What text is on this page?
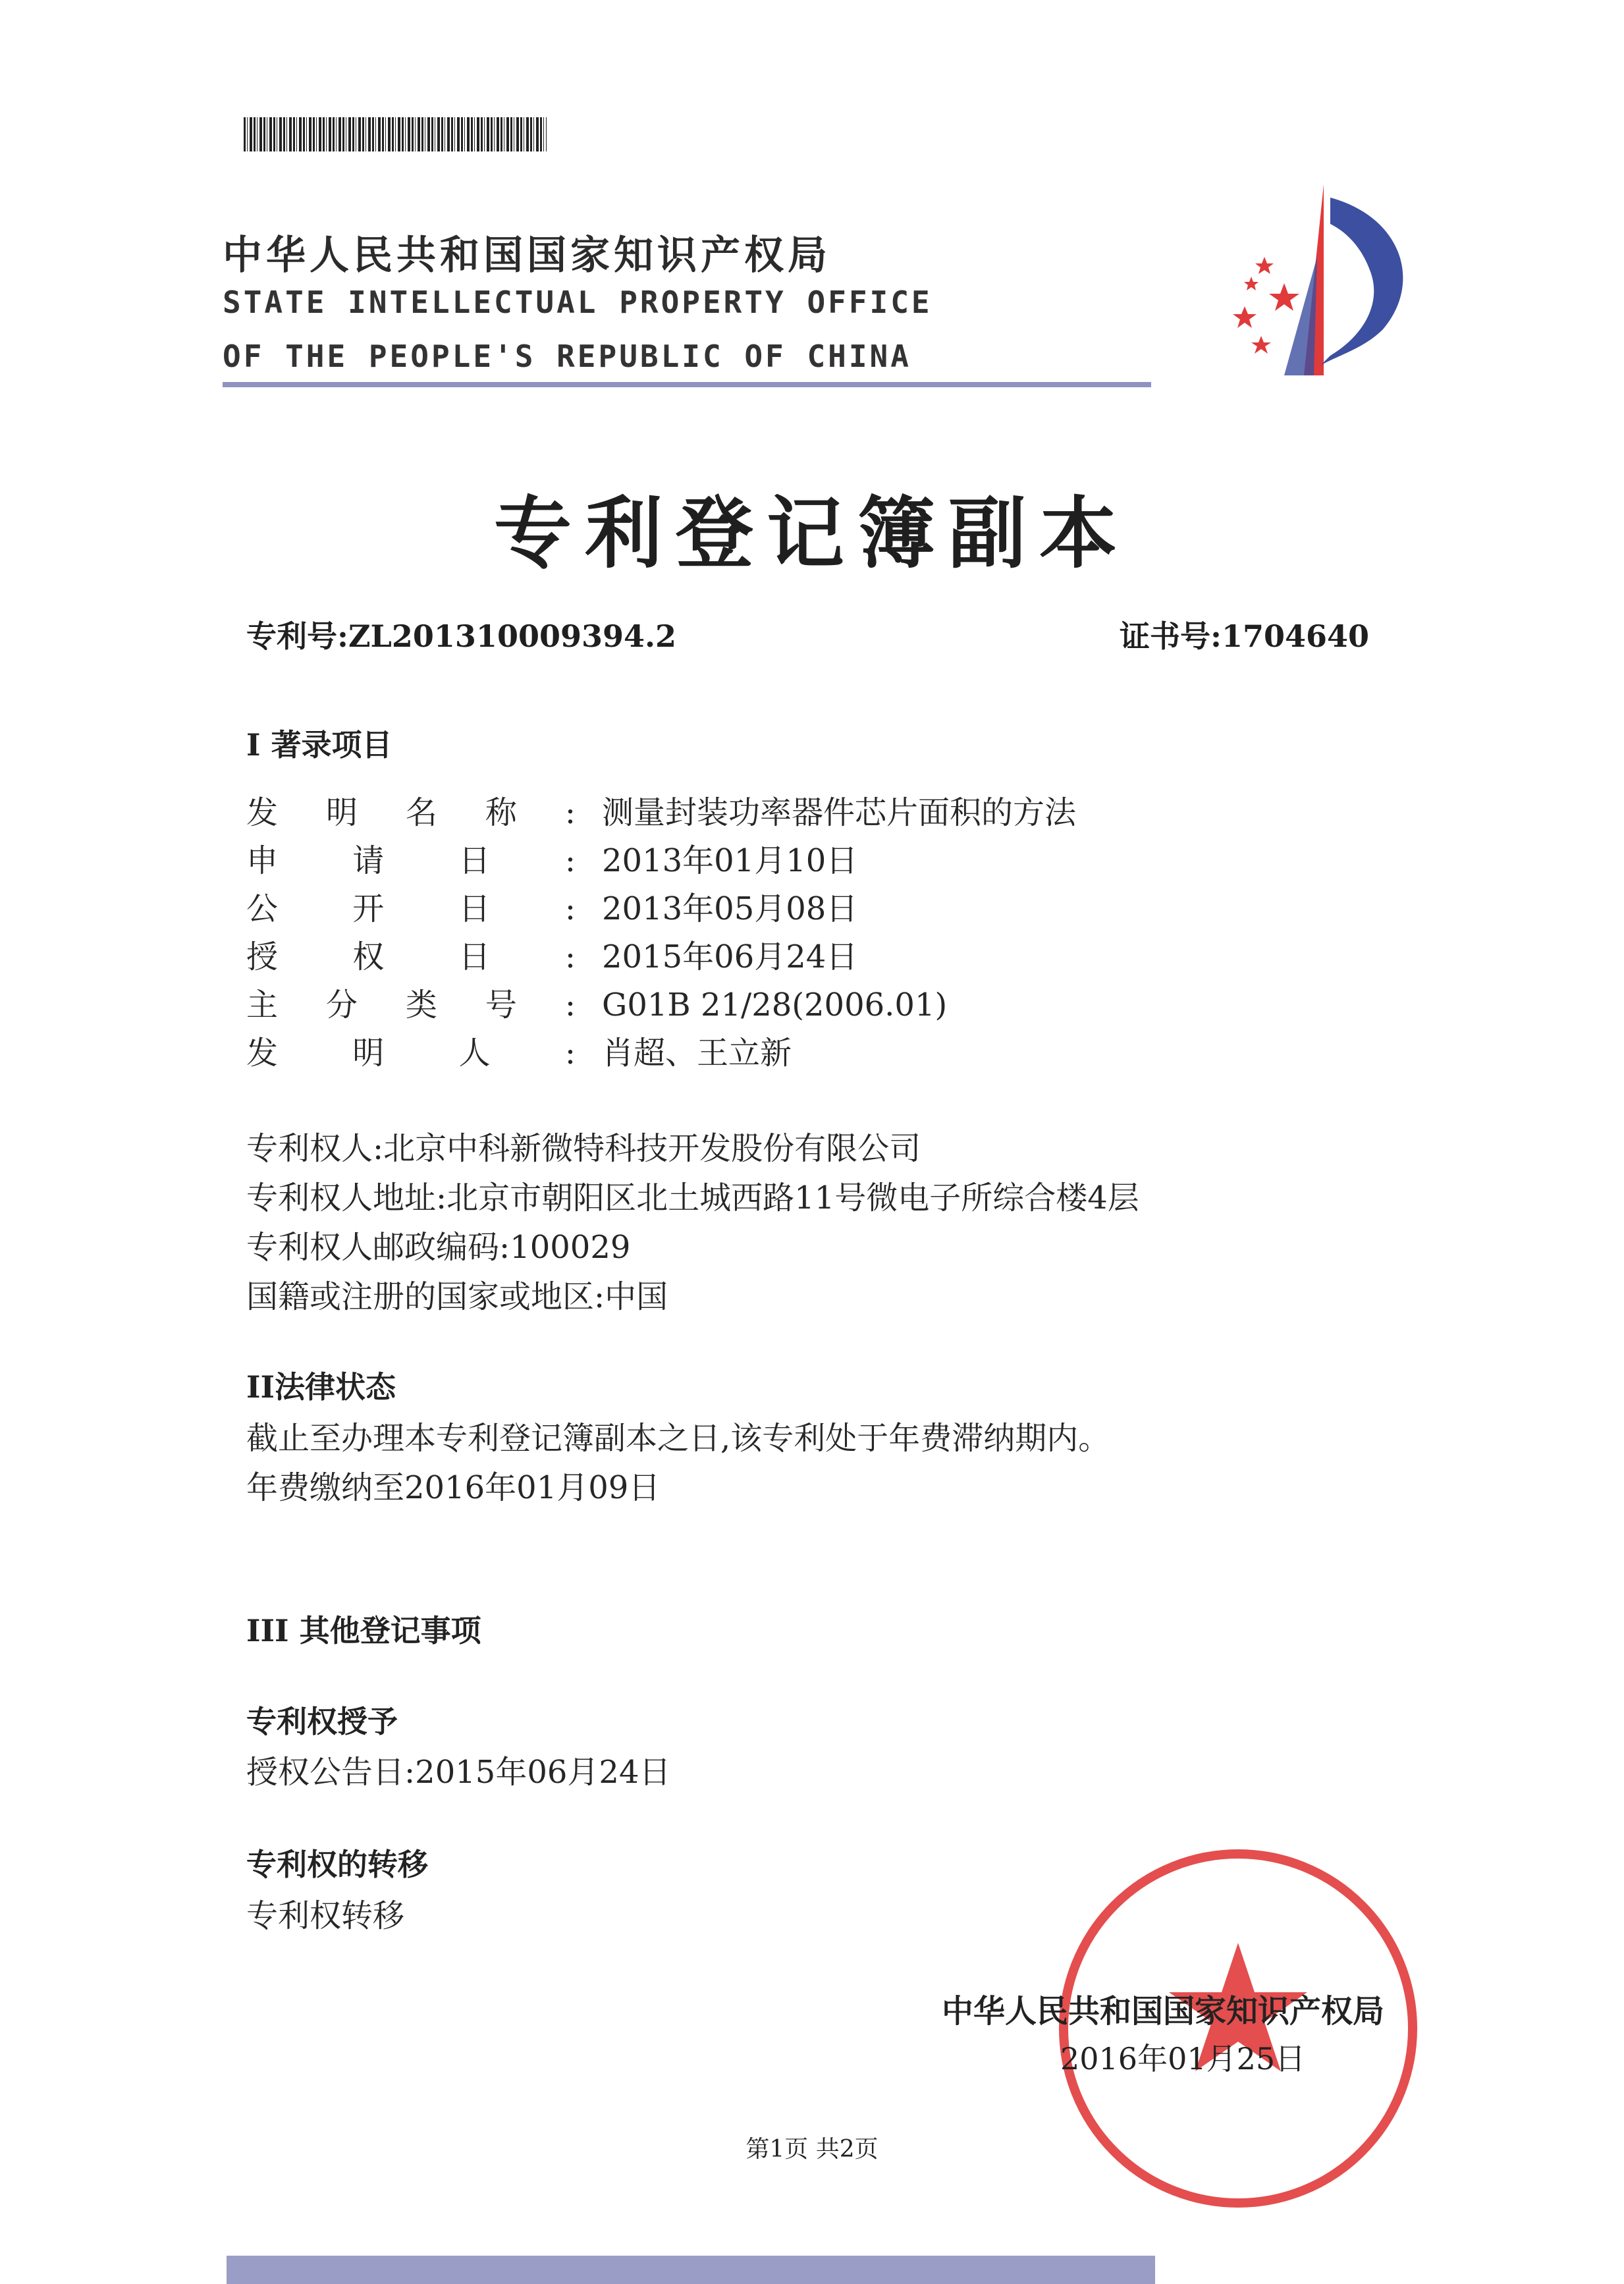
中华人民共和国国家知识产权局
STATE INTELLECTUAL PROPERTY OFFICE
OF THE PEOPLE'S REPUBLIC OF CHINA
专利登记簿副本
专利号:ZL201310009394.2	证书号:1704640
I 著录项目
发明名称: 测量封装功率器件芯片面积的方法
申请日: 2013年01月10日
公开日: 2013年05月08日
授权日: 2015年06月24日
主分类号: G01B 21/28(2006.01)
发明人: 肖超、王立新
专利权人:北京中科新微特科技开发股份有限公司
专利权人地址:北京市朝阳区北土城西路11号微电子所综合楼4层
专利权人邮政编码:100029
国籍或注册的国家或地区:中国
II法律状态
截止至办理本专利登记簿副本之日,该专利处于年费滞纳期内。
年费缴纳至2016年01月09日
III 其他登记事项
专利权授予
授权公告日:2015年06月24日
专利权的转移
专利权转移
中华人民共和国国家知识产权局
2016年01月25日
第1页 共2页
